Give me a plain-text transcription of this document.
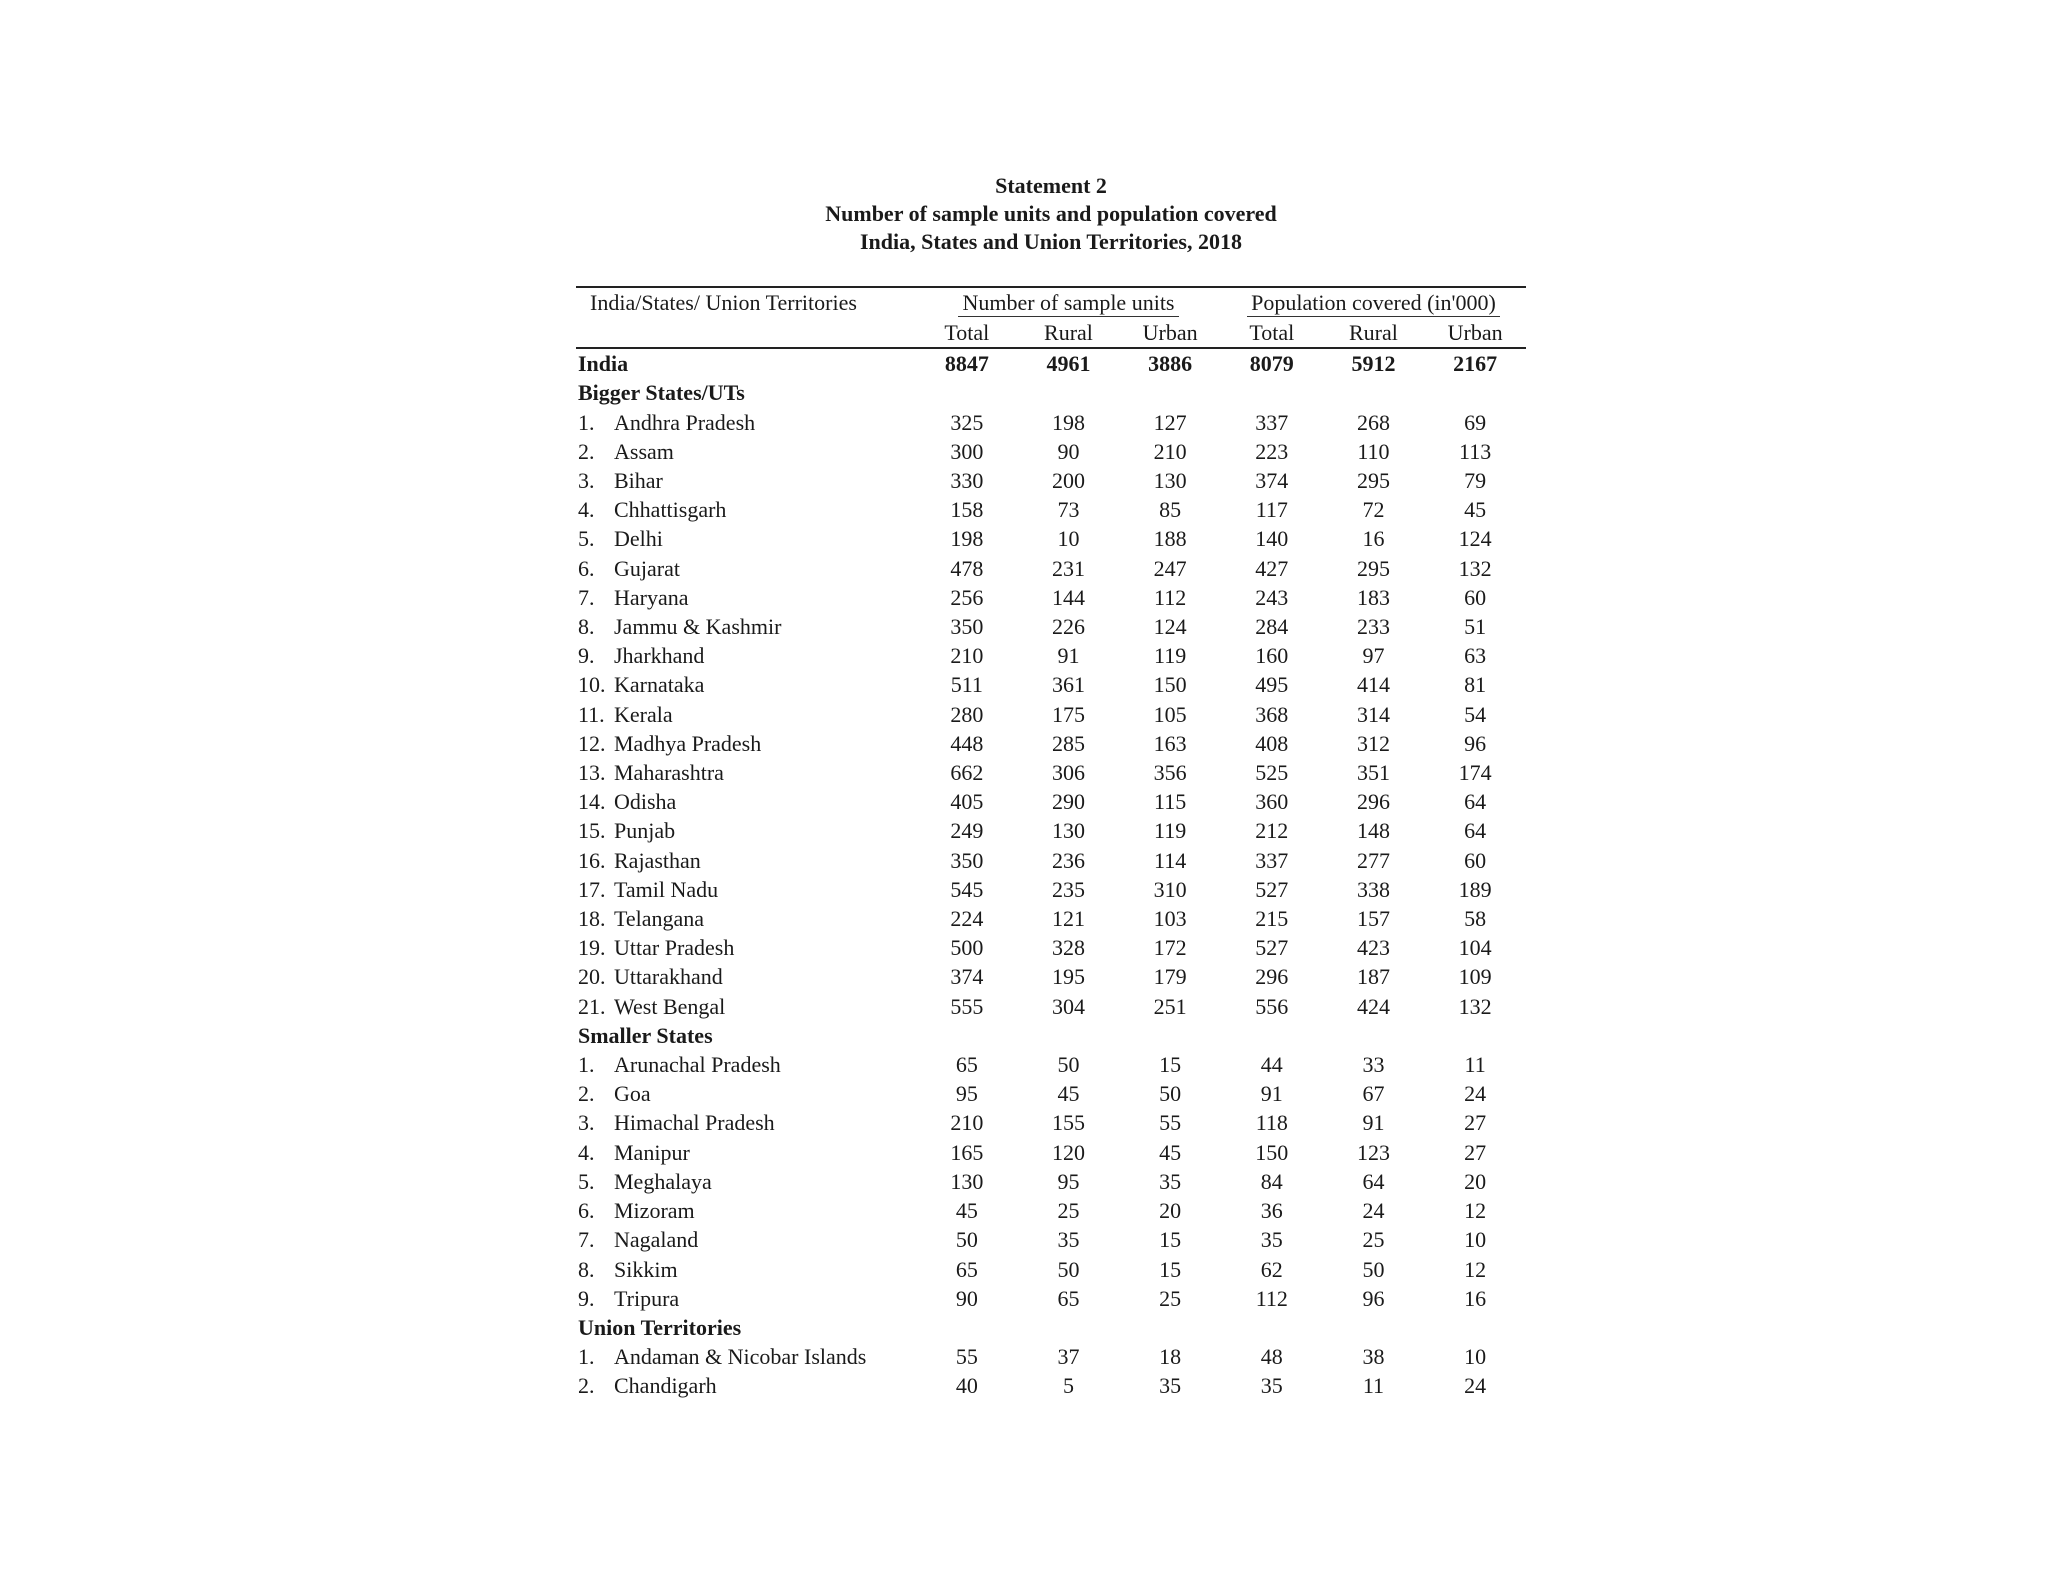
Statement 2
Number of sample units and population covered
India, States and Union Territories, 2018
India/States/ Union Territories	Number of sample units			Population covered (in'000)		
	Total	Rural	Urban	Total	Rural	Urban
India	8847	4961	3886	8079	5912	2167
Bigger States/UTs						
1. Andhra Pradesh	325	198	127	337	268	69
2. Assam	300	90	210	223	110	113
3. Bihar	330	200	130	374	295	79
4. Chhattisgarh	158	73	85	117	72	45
5. Delhi	198	10	188	140	16	124
6. Gujarat	478	231	247	427	295	132
7. Haryana	256	144	112	243	183	60
8. Jammu & Kashmir	350	226	124	284	233	51
9. Jharkhand	210	91	119	160	97	63
10. Karnataka	511	361	150	495	414	81
11. Kerala	280	175	105	368	314	54
12. Madhya Pradesh	448	285	163	408	312	96
13. Maharashtra	662	306	356	525	351	174
14. Odisha	405	290	115	360	296	64
15. Punjab	249	130	119	212	148	64
16. Rajasthan	350	236	114	337	277	60
17. Tamil Nadu	545	235	310	527	338	189
18. Telangana	224	121	103	215	157	58
19. Uttar Pradesh	500	328	172	527	423	104
20. Uttarakhand	374	195	179	296	187	109
21. West Bengal	555	304	251	556	424	132
Smaller States						
1. Arunachal Pradesh	65	50	15	44	33	11
2. Goa	95	45	50	91	67	24
3. Himachal Pradesh	210	155	55	118	91	27
4. Manipur	165	120	45	150	123	27
5. Meghalaya	130	95	35	84	64	20
6. Mizoram	45	25	20	36	24	12
7. Nagaland	50	35	15	35	25	10
8. Sikkim	65	50	15	62	50	12
9. Tripura	90	65	25	112	96	16
Union Territories						
1. Andaman & Nicobar Islands	55	37	18	48	38	10
2. Chandigarh	40	5	35	35	11	24
